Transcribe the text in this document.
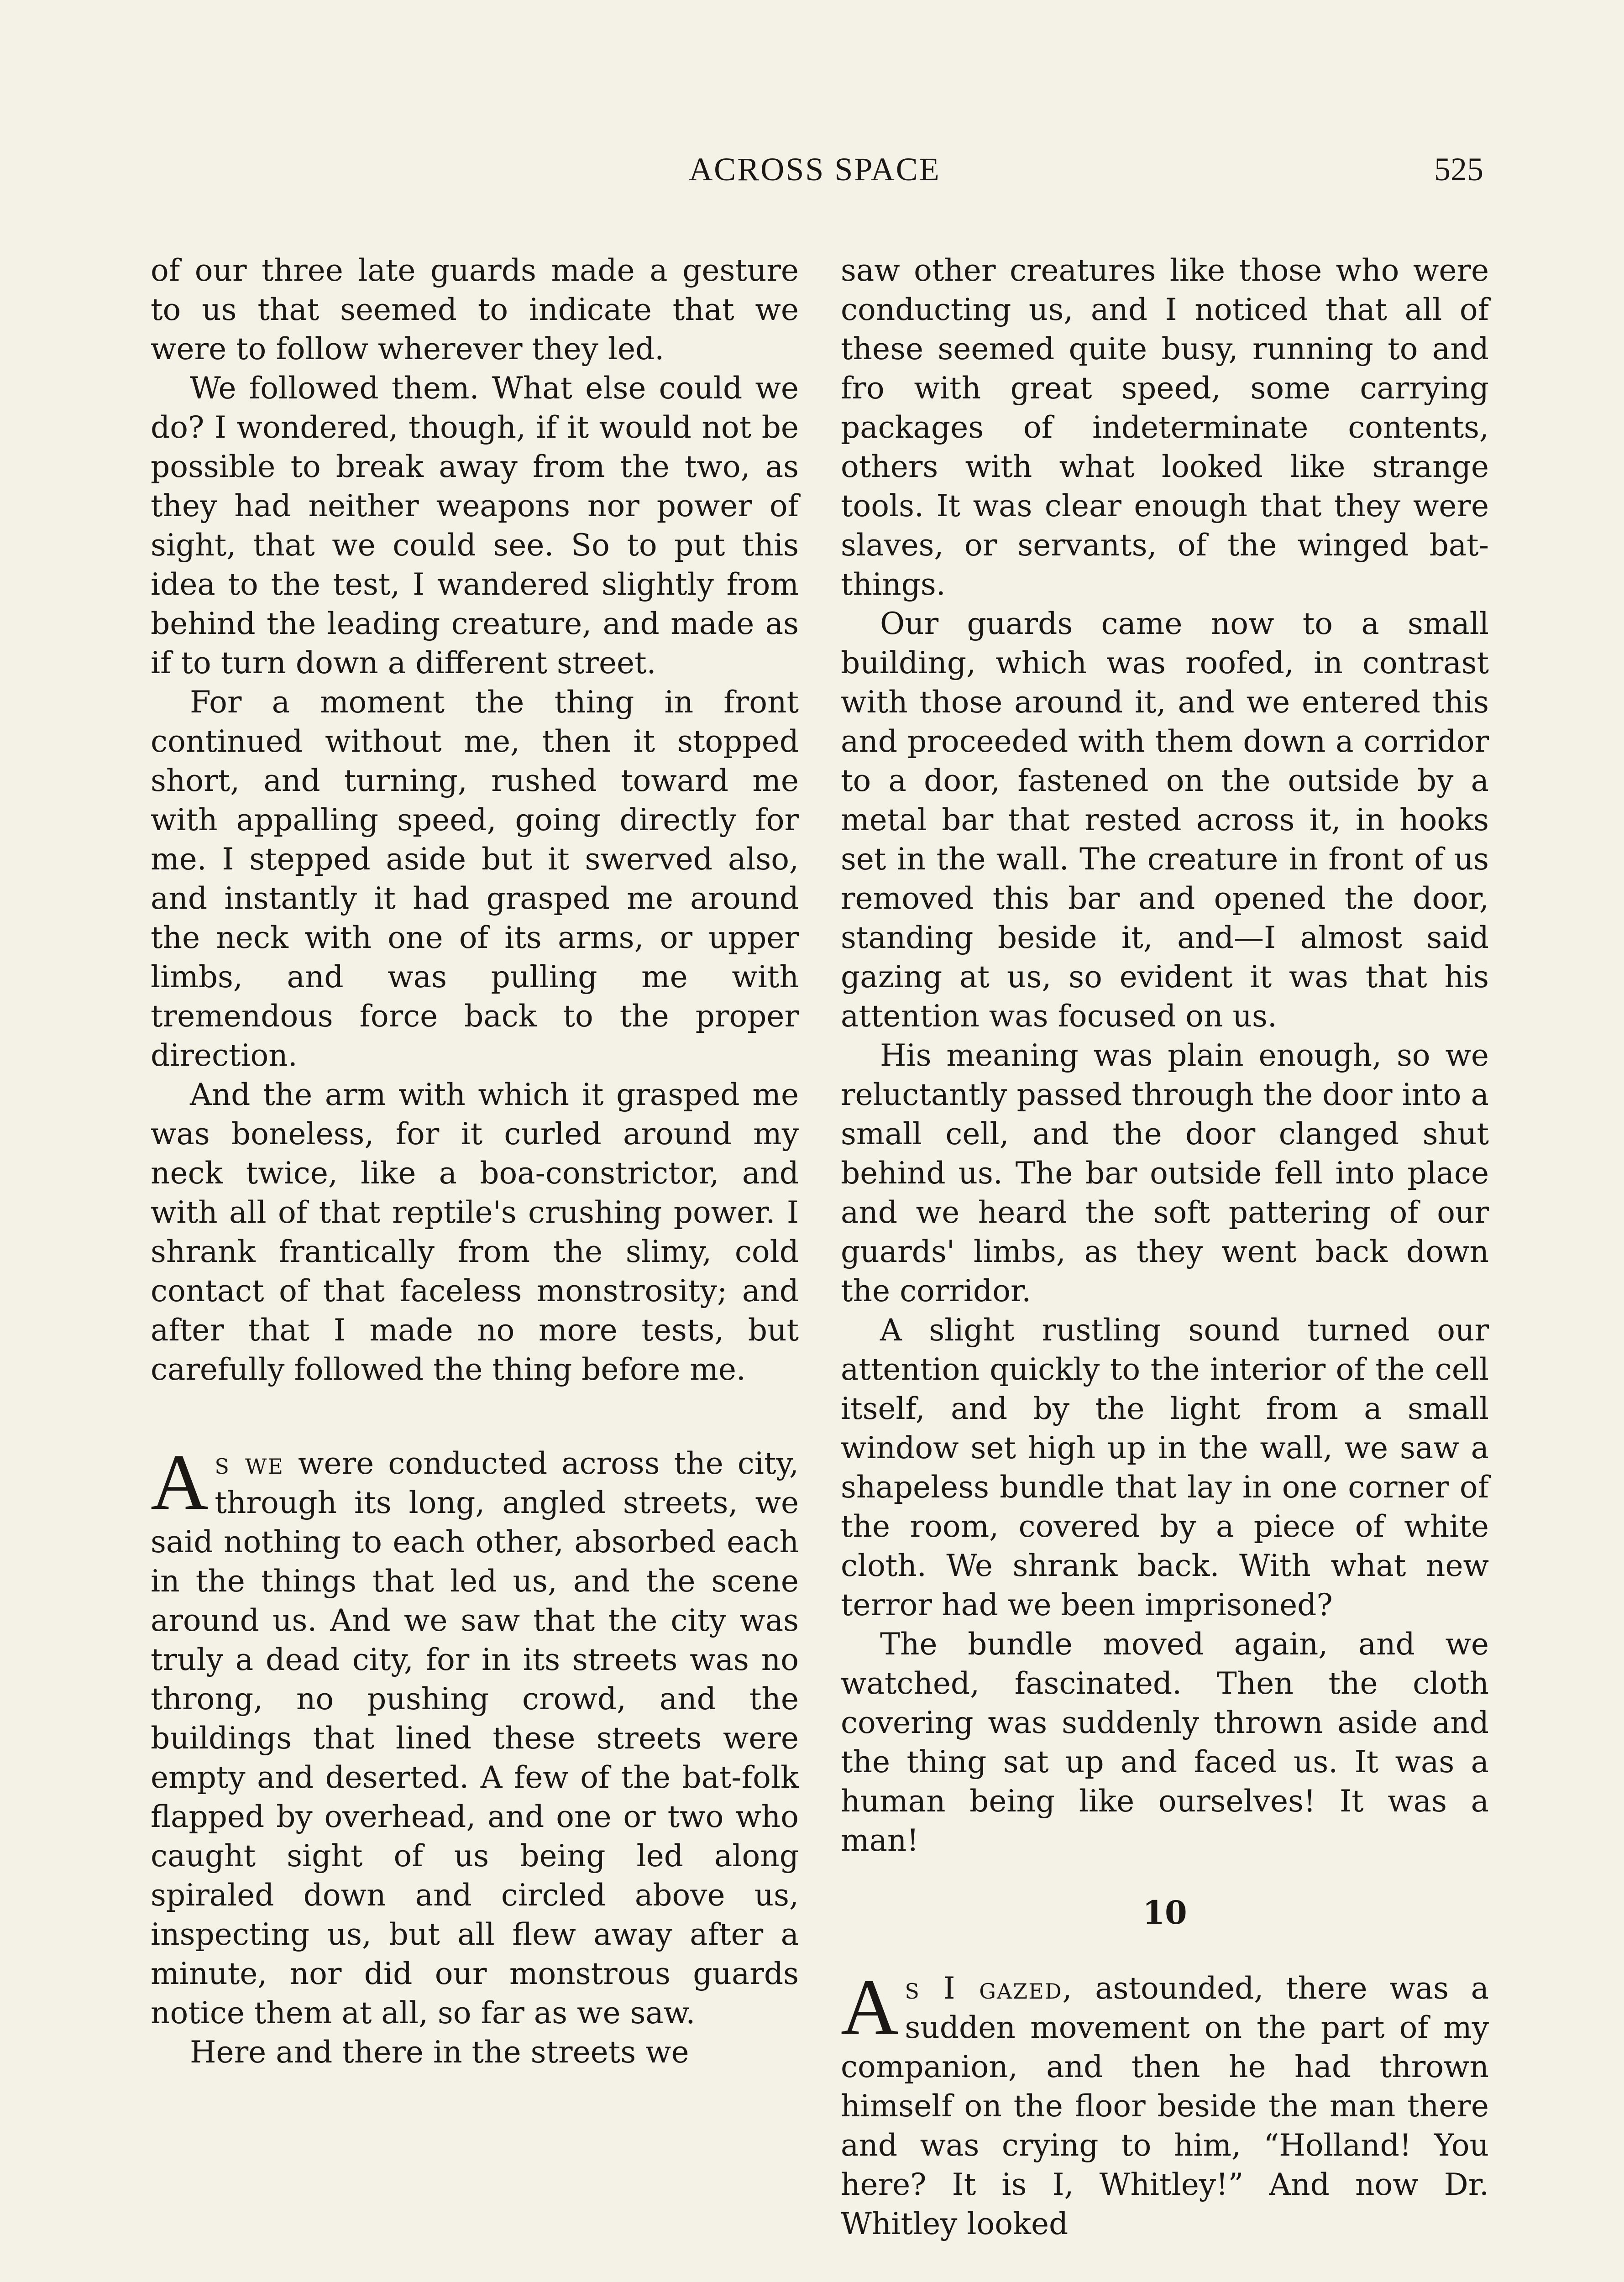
ACROSS SPACE	525

of our three late guards made a gesture to us that seemed to indicate that we were to follow wherever they led.

We followed them. What else could we do? I wondered, though, if it would not be possible to break away from the two, as they had neither weapons nor power of sight, that we could see. So to put this idea to the test, I wandered slightly from behind the leading creature, and made as if to turn down a different street.

For a moment the thing in front continued without me, then it stopped short, and turning, rushed toward me with appalling speed, going directly for me. I stepped aside but it swerved also, and instantly it had grasped me around the neck with one of its arms, or upper limbs, and was pulling me with tremendous force back to the proper direction.

And the arm with which it grasped me was boneless, for it curled around my neck twice, like a boa-constrictor, and with all of that reptile's crushing power. I shrank frantically from the slimy, cold contact of that faceless monstrosity; and after that I made no more tests, but carefully followed the thing before me.

As we were conducted across the city, through its long, angled streets, we said nothing to each other, absorbed each in the things that led us, and the scene around us. And we saw that the city was truly a dead city, for in its streets was no throng, no pushing crowd, and the buildings that lined these streets were empty and deserted. A few of the bat-folk flapped by overhead, and one or two who caught sight of us being led along spiraled down and circled above us, inspecting us, but all flew away after a minute, nor did our monstrous guards notice them at all, so far as we saw.

Here and there in the streets we

saw other creatures like those who were conducting us, and I noticed that all of these seemed quite busy, running to and fro with great speed, some carrying packages of indeterminate contents, others with what looked like strange tools. It was clear enough that they were slaves, or servants, of the winged bat-things.

Our guards came now to a small building, which was roofed, in contrast with those around it, and we entered this and proceeded with them down a corridor to a door, fastened on the outside by a metal bar that rested across it, in hooks set in the wall. The creature in front of us removed this bar and opened the door, standing beside it, and—I almost said gazing at us, so evident it was that his attention was focused on us.

His meaning was plain enough, so we reluctantly passed through the door into a small cell, and the door clanged shut behind us. The bar outside fell into place and we heard the soft pattering of our guards' limbs, as they went back down the corridor.

A slight rustling sound turned our attention quickly to the interior of the cell itself, and by the light from a small window set high up in the wall, we saw a shapeless bundle that lay in one corner of the room, covered by a piece of white cloth. We shrank back. With what new terror had we been imprisoned?

The bundle moved again, and we watched, fascinated. Then the cloth covering was suddenly thrown aside and the thing sat up and faced us. It was a human being like ourselves! It was a man!

10

As I gazed, astounded, there was a sudden movement on the part of my companion, and then he had thrown himself on the floor beside the man there and was crying to him, “Holland! You here? It is I, Whitley!” And now Dr. Whitley looked
